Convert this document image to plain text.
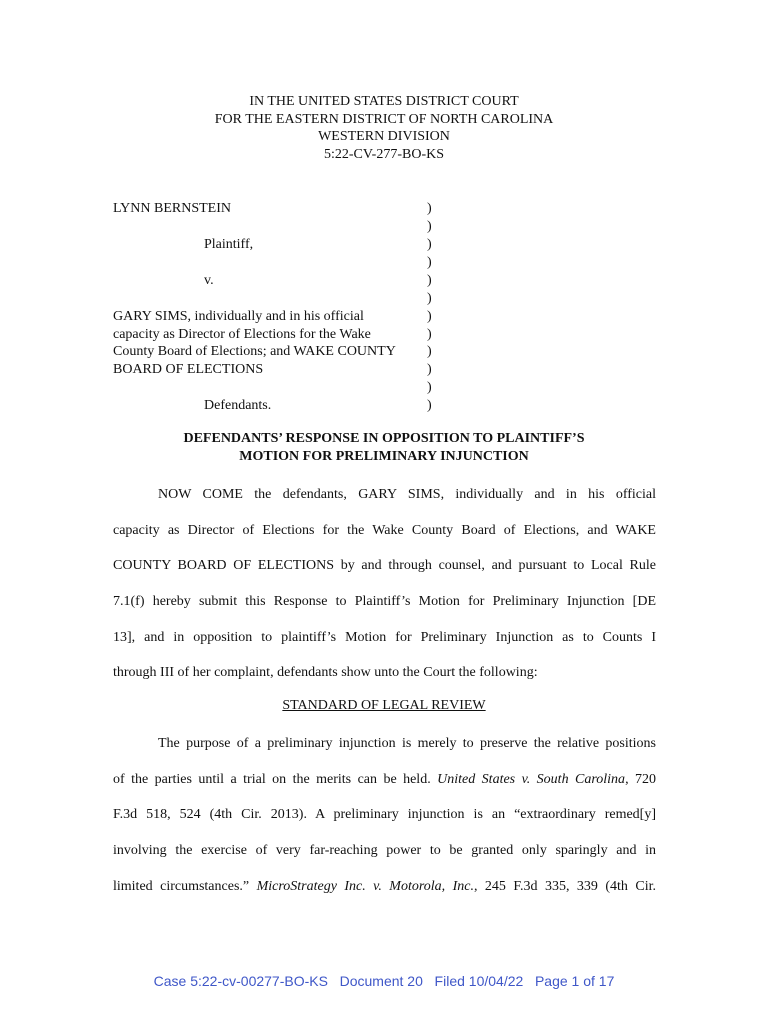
IN THE UNITED STATES DISTRICT COURT
FOR THE EASTERN DISTRICT OF NORTH CAROLINA
WESTERN DIVISION
5:22-CV-277-BO-KS
LYNN BERNSTEIN
Plaintiff,
v.
GARY SIMS, individually and in his official
capacity as Director of Elections for the Wake
County Board of Elections; and WAKE COUNTY
BOARD OF ELECTIONS
Defendants.
)
)
)
)
)
)
)
)
)
)
)
)
DEFENDANTS’ RESPONSE IN OPPOSITION TO PLAINTIFF’S
MOTION FOR PRELIMINARY INJUNCTION
NOW COME the defendants, GARY SIMS, individually and in his official
capacity as Director of Elections for the Wake County Board of Elections, and WAKE
COUNTY BOARD OF ELECTIONS by and through counsel, and pursuant to Local Rule
7.1(f) hereby submit this Response to Plaintiff’s Motion for Preliminary Injunction [DE
13], and in opposition to plaintiff’s Motion for Preliminary Injunction as to Counts I
through III of her complaint, defendants show unto the Court the following:
STANDARD OF LEGAL REVIEW
The purpose of a preliminary injunction is merely to preserve the relative positions
of the parties until a trial on the merits can be held. United States v. South Carolina, 720
F.3d 518, 524 (4th Cir. 2013). A preliminary injunction is an “extraordinary remed[y]
involving the exercise of very far-reaching power to be granted only sparingly and in
limited circumstances.” MicroStrategy Inc. v. Motorola, Inc., 245 F.3d 335, 339 (4th Cir.
Case 5:22-cv-00277-BO-KS   Document 20   Filed 10/04/22   Page 1 of 17
